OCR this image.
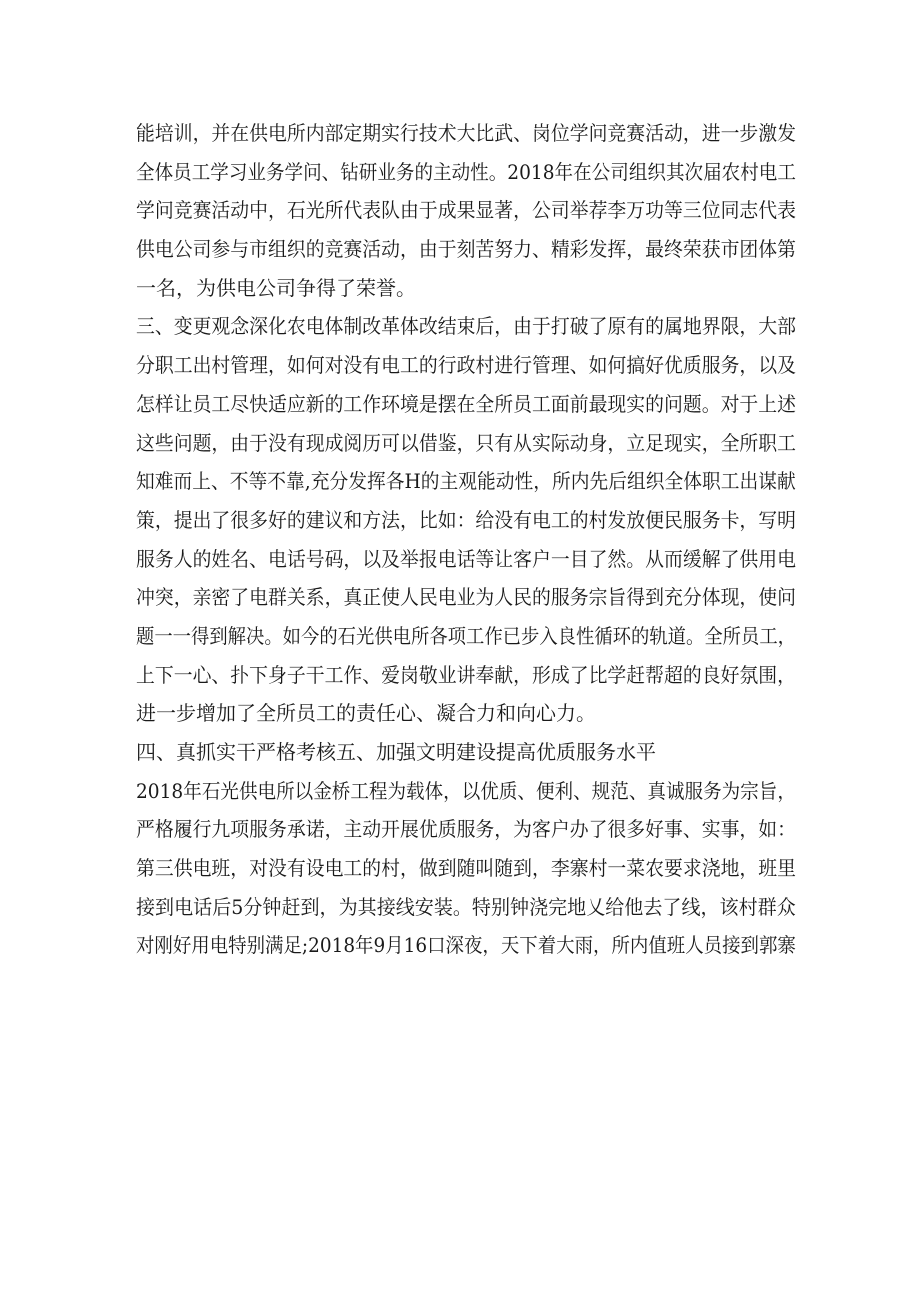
能培训，并在供电所内部定期实行技术大比武、岗位学问竞赛活动，进一步激发
全体员工学习业务学问、钻研业务的主动性。2018年在公司组织其次届农村电工
学问竞赛活动中，石光所代表队由于成果显著，公司举荐李万功等三位同志代表
供电公司参与市组织的竞赛活动，由于刻苦努力、精彩发挥，最终荣获市团体第
一名，为供电公司争得了荣誉。
三、变更观念深化农电体制改革体改结束后，由于打破了原有的属地界限，大部
分职工出村管理，如何对没有电工的行政村进行管理、如何搞好优质服务，以及
怎样让员工尽快适应新的工作环境是摆在全所员工面前最现实的问题。对于上述
这些问题，由于没有现成阅历可以借鉴，只有从实际动身，立足现实，全所职工
知难而上、不等不靠,充分发挥各H的主观能动性，所内先后组织全体职工出谋献
策，提出了很多好的建议和方法，比如：给没有电工的村发放便民服务卡，写明
服务人的姓名、电话号码，以及举报电话等让客户一目了然。从而缓解了供用电
冲突，亲密了电群关系，真正使人民电业为人民的服务宗旨得到充分体现，使问
题一一得到解决。如今的石光供电所各项工作已步入良性循环的轨道。全所员工，
上下一心、扑下身子干工作、爱岗敬业讲奉献，形成了比学赶帮超的良好氛围，
进一步增加了全所员工的责任心、凝合力和向心力。
四、真抓实干严格考核五、加强文明建设提高优质服务水平
2018年石光供电所以金桥工程为载体，以优质、便利、规范、真诚服务为宗旨，
严格履行九项服务承诺，主动开展优质服务，为客户办了很多好事、实事，如：
第三供电班，对没有设电工的村，做到随叫随到，李寨村一菜农要求浇地，班里
接到电话后5分钟赶到，为其接线安装。特别钟浇完地乂给他去了线，该村群众
对刚好用电特别满足;2018年9月16口深夜，天下着大雨，所内值班人员接到郭寨
